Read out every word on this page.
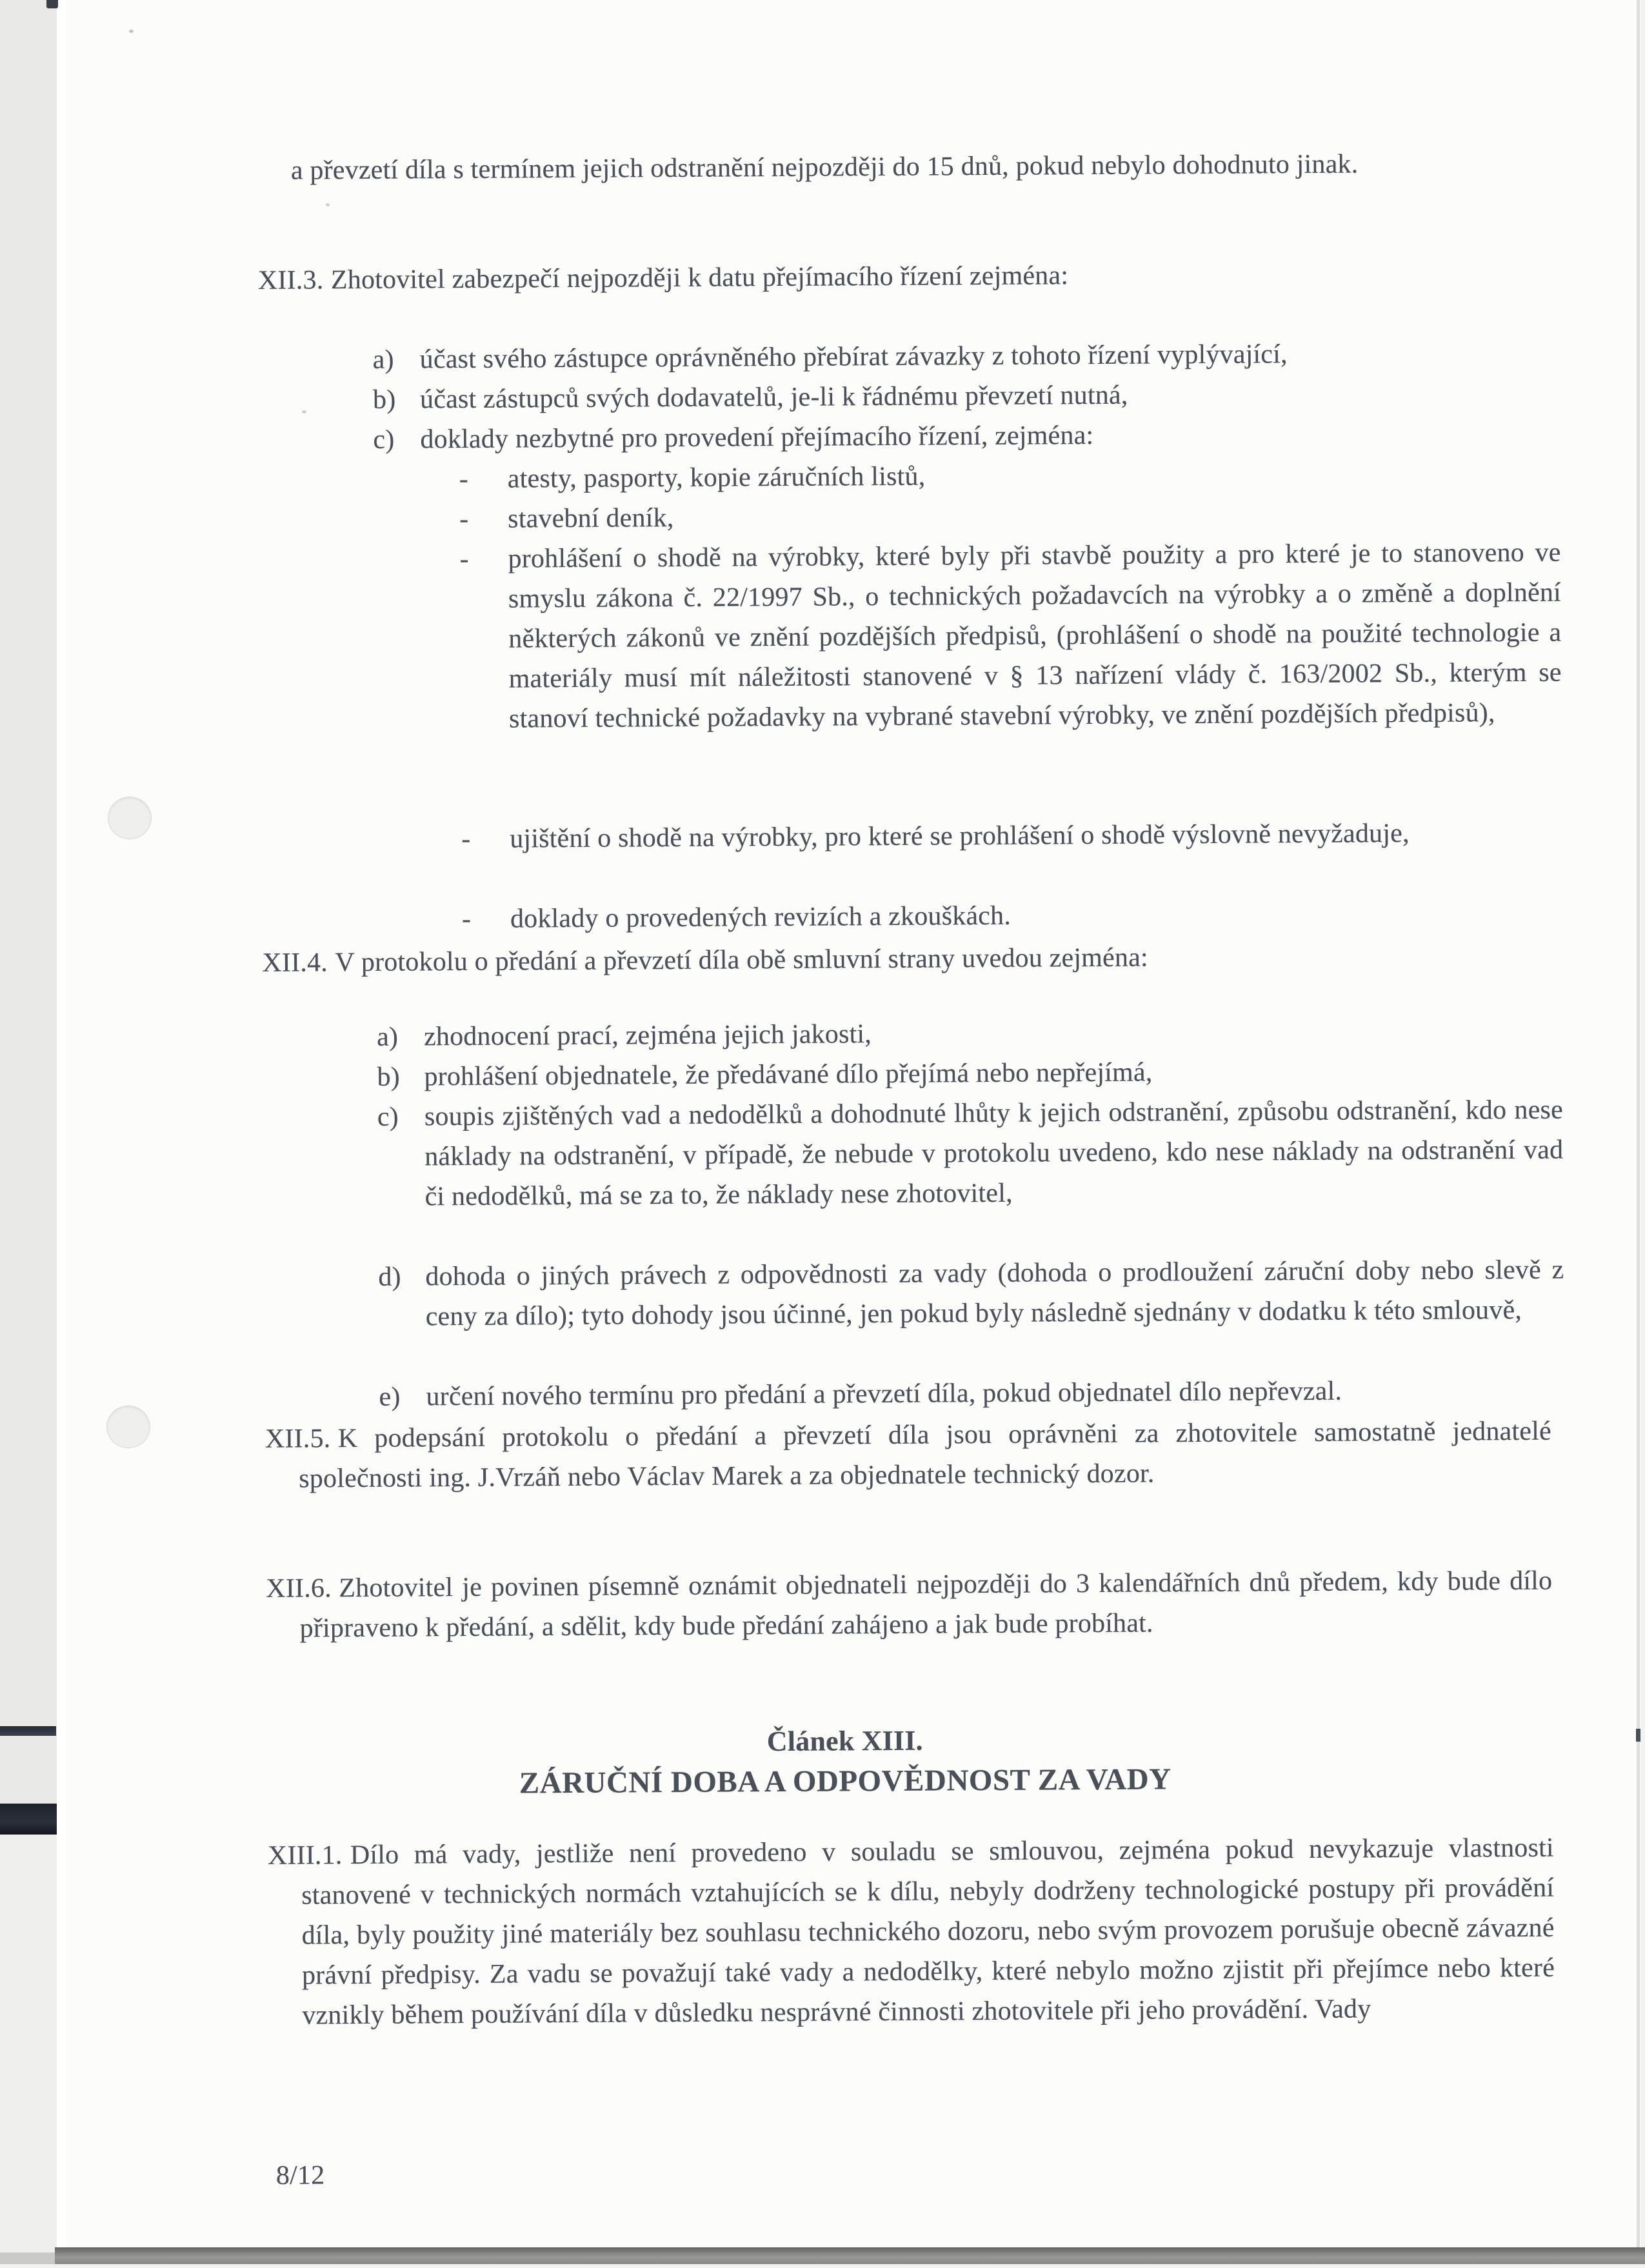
a převzetí díla s termínem jejich odstranění nejpozději do 15 dnů, pokud nebylo dohodnuto jinak.
XII.3. Zhotovitel zabezpečí nejpozději k datu přejímacího řízení zejména:
a) účast svého zástupce oprávněného přebírat závazky z tohoto řízení vyplývající,
b) účast zástupců svých dodavatelů, je-li k řádnému převzetí nutná,
c) doklady nezbytné pro provedení přejímacího řízení, zejména:
- atesty, pasporty, kopie záručních listů,
- stavební deník,
- prohlášení o shodě na výrobky, které byly při stavbě použity a pro které je to stanoveno ve smyslu zákona č. 22/1997 Sb., o technických požadavcích na výrobky a o změně a doplnění některých zákonů ve znění pozdějších předpisů, (prohlášení o shodě na použité technologie a materiály musí mít náležitosti stanovené v § 13 nařízení vlády č. 163/2002 Sb., kterým se stanoví technické požadavky na vybrané stavební výrobky, ve znění pozdějších předpisů),
- ujištění o shodě na výrobky, pro které se prohlášení o shodě výslovně nevyžaduje,
- doklady o provedených revizích a zkouškách.
XII.4. V protokolu o předání a převzetí díla obě smluvní strany uvedou zejména:
a) zhodnocení prací, zejména jejich jakosti,
b) prohlášení objednatele, že předávané dílo přejímá nebo nepřejímá,
c) soupis zjištěných vad a nedodělků a dohodnuté lhůty k jejich odstranění, způsobu odstranění, kdo nese náklady na odstranění, v případě, že nebude v protokolu uvedeno, kdo nese náklady na odstranění vad či nedodělků, má se za to, že náklady nese zhotovitel,
d) dohoda o jiných právech z odpovědnosti za vady (dohoda o prodloužení záruční doby nebo slevě z ceny za dílo); tyto dohody jsou účinné, jen pokud byly následně sjednány v dodatku k této smlouvě,
e) určení nového termínu pro předání a převzetí díla, pokud objednatel dílo nepřevzal.
XII.5. K podepsání protokolu o předání a převzetí díla jsou oprávněni za zhotovitele samostatně jednatelé společnosti ing. J.Vrzáň nebo Václav Marek a za objednatele technický dozor.
XII.6. Zhotovitel je povinen písemně oznámit objednateli nejpozději do 3 kalendářních dnů předem, kdy bude dílo připraveno k předání, a sdělit, kdy bude předání zahájeno a jak bude probíhat.
Článek XIII.
ZÁRUČNÍ DOBA A ODPOVĚDNOST ZA VADY
XIII.1. Dílo má vady, jestliže není provedeno v souladu se smlouvou, zejména pokud nevykazuje vlastnosti stanovené v technických normách vztahujících se k dílu, nebyly dodrženy technologické postupy při provádění díla, byly použity jiné materiály bez souhlasu technického dozoru, nebo svým provozem porušuje obecně závazné právní předpisy. Za vadu se považují také vady a nedodělky, které nebylo možno zjistit při přejímce nebo které vznikly během používání díla v důsledku nesprávné činnosti zhotovitele při jeho provádění. Vady
8/12
